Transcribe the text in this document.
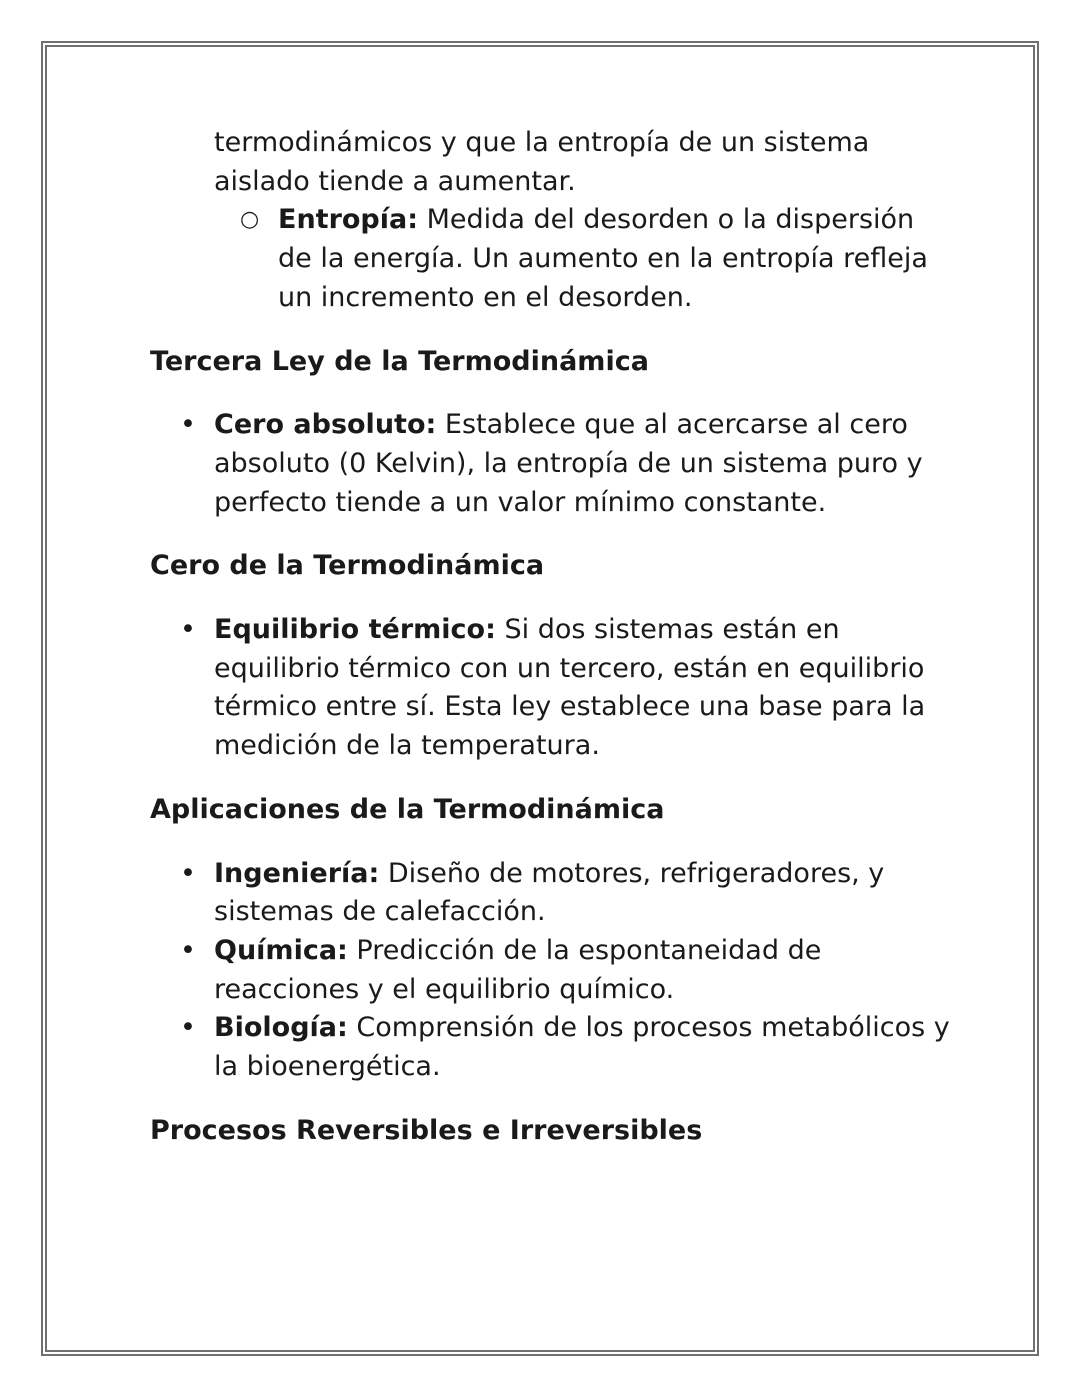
termodinámicos y que la entropía de un sistema aislado tiende a aumentar.

○ Entropía: Medida del desorden o la dispersión de la energía. Un aumento en la entropía refleja un incremento en el desorden.
Tercera Ley de la Termodinámica
• Cero absoluto: Establece que al acercarse al cero absoluto (0 Kelvin), la entropía de un sistema puro y perfecto tiende a un valor mínimo constante.
Cero de la Termodinámica
• Equilibrio térmico: Si dos sistemas están en equilibrio térmico con un tercero, están en equilibrio térmico entre sí. Esta ley establece una base para la medición de la temperatura.
Aplicaciones de la Termodinámica
• Ingeniería: Diseño de motores, refrigeradores, y sistemas de calefacción.
• Química: Predicción de la espontaneidad de reacciones y el equilibrio químico.
• Biología: Comprensión de los procesos metabólicos y la bioenergética.
Procesos Reversibles e Irreversibles
